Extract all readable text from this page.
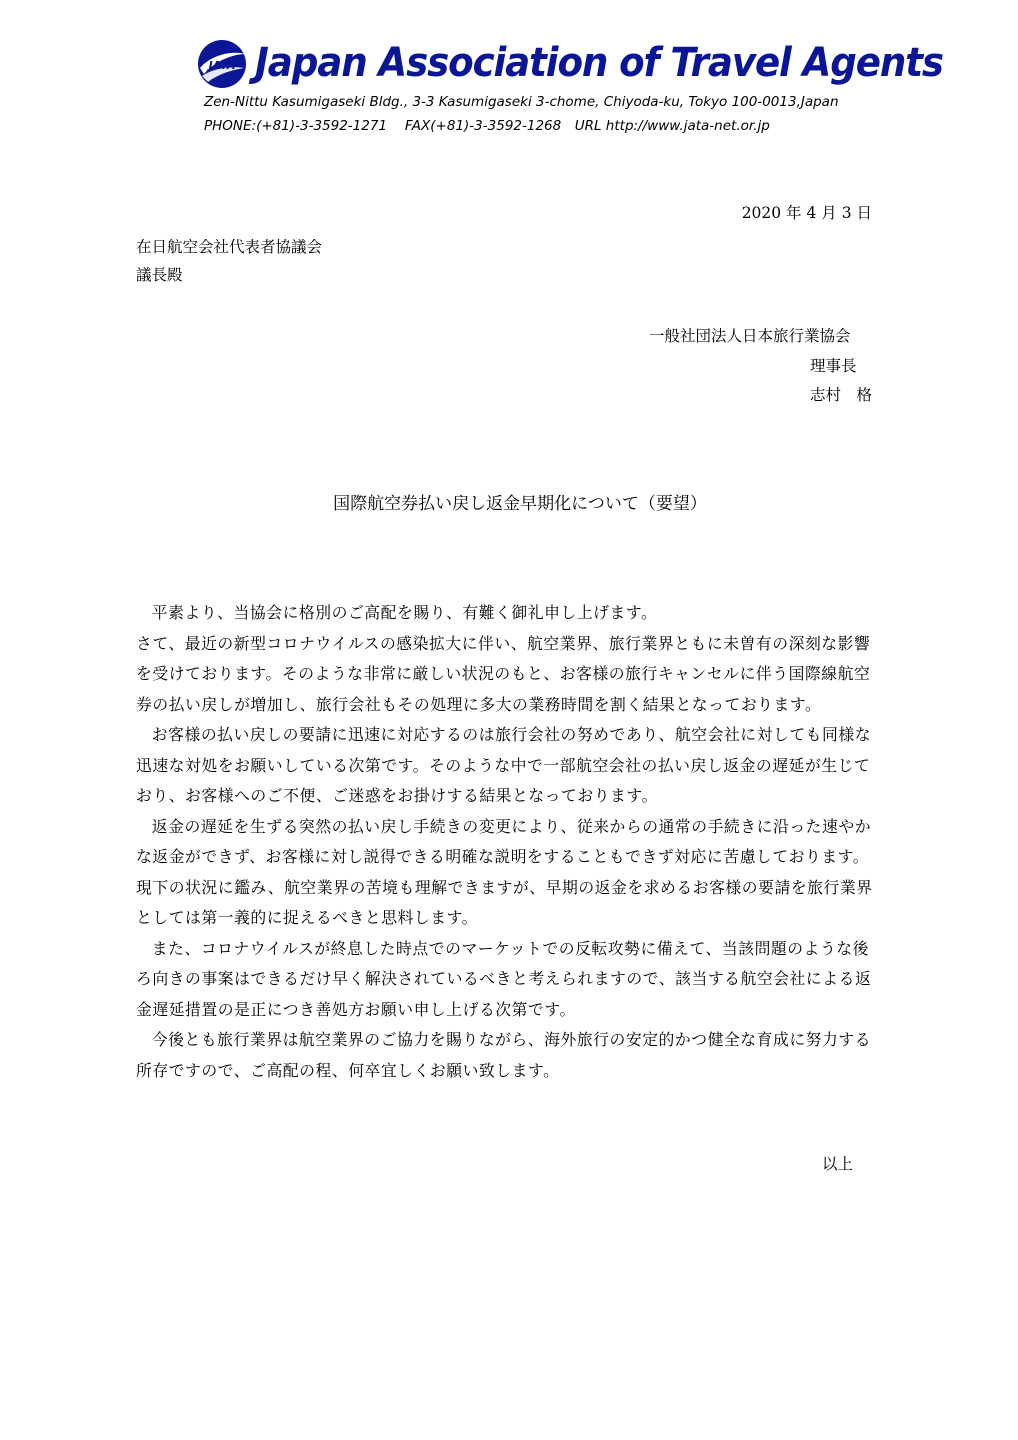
JATA Japan Association of Travel Agents
Zen-Nittu Kasumigaseki Bldg., 3-3 Kasumigaseki 3-chome, Chiyoda-ku, Tokyo 100-0013,Japan
PHONE:(+81)-3-3592-1271　 FAX(+81)-3-3592-1268　URL http://www.jata-net.or.jp
2020 年 4 月 3 日
在日航空会社代表者協議会
議長殿
一般社団法人日本旅行業協会
理事長
志村　格
国際航空券払い戻し返金早期化について（要望）

平素より、当協会に格別のご高配を賜り、有難く御礼申し上げます。

さて、最近の新型コロナウイルスの感染拡大に伴い、航空業界、旅行業界ともに未曽有の深刻な影響を受けております。そのような非常に厳しい状況のもと、お客様の旅行キャンセルに伴う国際線航空券の払い戻しが増加し、旅行会社もその処理に多大の業務時間を割く結果となっております。

お客様の払い戻しの要請に迅速に対応するのは旅行会社の努めであり、航空会社に対しても同様な迅速な対処をお願いしている次第です。そのような中で一部航空会社の払い戻し返金の遅延が生じており、お客様へのご不便、ご迷惑をお掛けする結果となっております。

返金の遅延を生ずる突然の払い戻し手続きの変更により、従来からの通常の手続きに沿った速やかな返金ができず、お客様に対し説得できる明確な説明をすることもできず対応に苦慮しております。

現下の状況に鑑み、航空業界の苦境も理解できますが、早期の返金を求めるお客様の要請を旅行業界としては第一義的に捉えるべきと思料します。

また、コロナウイルスが終息した時点でのマーケットでの反転攻勢に備えて、当該問題のような後ろ向きの事案はできるだけ早く解決されているべきと考えられますので、該当する航空会社による返金遅延措置の是正につき善処方お願い申し上げる次第です。

今後とも旅行業界は航空業界のご協力を賜りながら、海外旅行の安定的かつ健全な育成に努力する所存ですので、ご高配の程、何卒宜しくお願い致します。

以上
